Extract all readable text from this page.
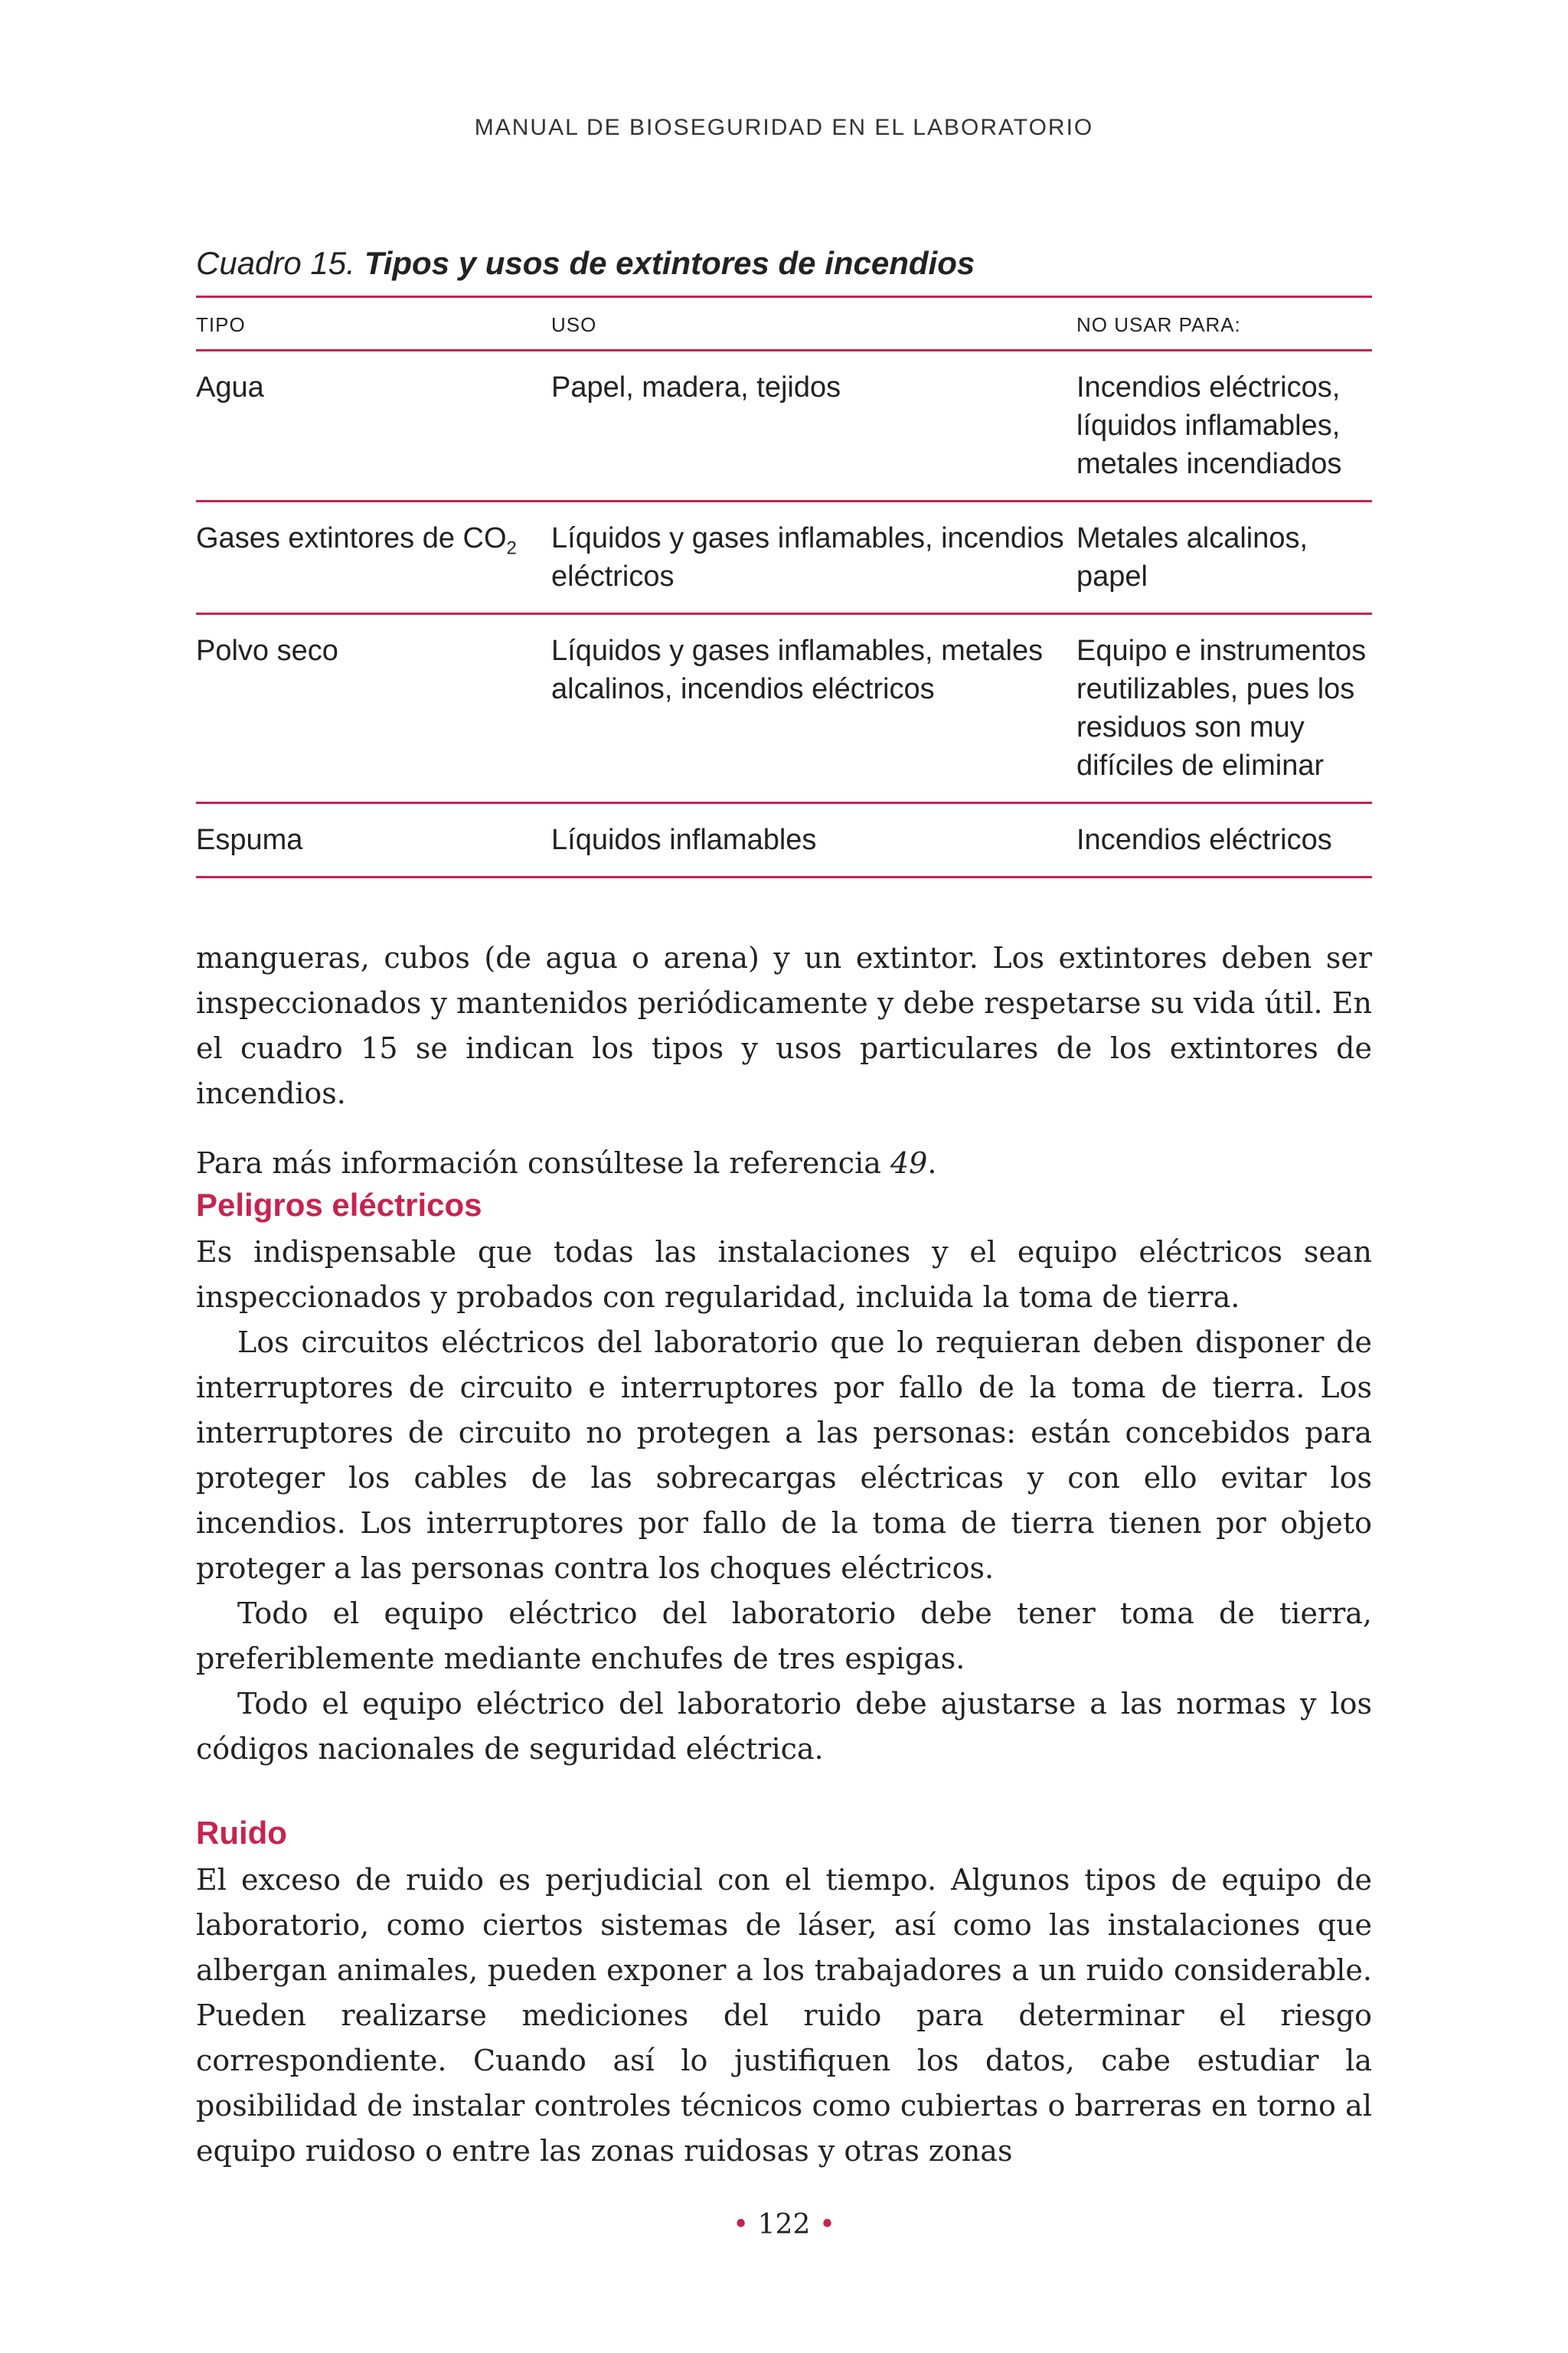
MANUAL DE BIOSEGURIDAD EN EL LABORATORIO
Cuadro 15. Tipos y usos de extintores de incendios
TIPO	USO	NO USAR PARA:
Agua	Papel, madera, tejidos	Incendios eléctricos, líquidos inflamables, metales incendiados
Gases extintores de $CO_2$	Líquidos y gases inflamables, incendios eléctricos	Metales alcalinos, papel
Polvo seco	Líquidos y gases inflamables, metales alcalinos, incendios eléctricos	Equipo e instrumentos reutilizables, pues los residuos son muy difíciles de eliminar
Espuma	Líquidos inflamables	Incendios eléctricos

mangueras, cubos (de agua o arena) y un extintor. Los extintores deben ser inspeccionados y mantenidos periódicamente y debe respetarse su vida útil. En el cuadro 15 se indican los tipos y usos particulares de los extintores de incendios.

Para más información consúltese la referencia 49.

Peligros eléctricos

Es indispensable que todas las instalaciones y el equipo eléctricos sean inspeccionados y probados con regularidad, incluida la toma de tierra.

Los circuitos eléctricos del laboratorio que lo requieran deben disponer de interruptores de circuito e interruptores por fallo de la toma de tierra. Los interruptores de circuito no protegen a las personas: están concebidos para proteger los cables de las sobrecargas eléctricas y con ello evitar los incendios. Los interruptores por fallo de la toma de tierra tienen por objeto proteger a las personas contra los choques eléctricos.

Todo el equipo eléctrico del laboratorio debe tener toma de tierra, preferiblemente mediante enchufes de tres espigas.

Todo el equipo eléctrico del laboratorio debe ajustarse a las normas y los códigos nacionales de seguridad eléctrica.

Ruido

El exceso de ruido es perjudicial con el tiempo. Algunos tipos de equipo de laboratorio, como ciertos sistemas de láser, así como las instalaciones que albergan animales, pueden exponer a los trabajadores a un ruido considerable. Pueden realizarse mediciones del ruido para determinar el riesgo correspondiente. Cuando así lo justifiquen los datos, cabe estudiar la posibilidad de instalar controles técnicos como cubiertas o barreras en torno al equipo ruidoso o entre las zonas ruidosas y otras zonas

• 122 •
